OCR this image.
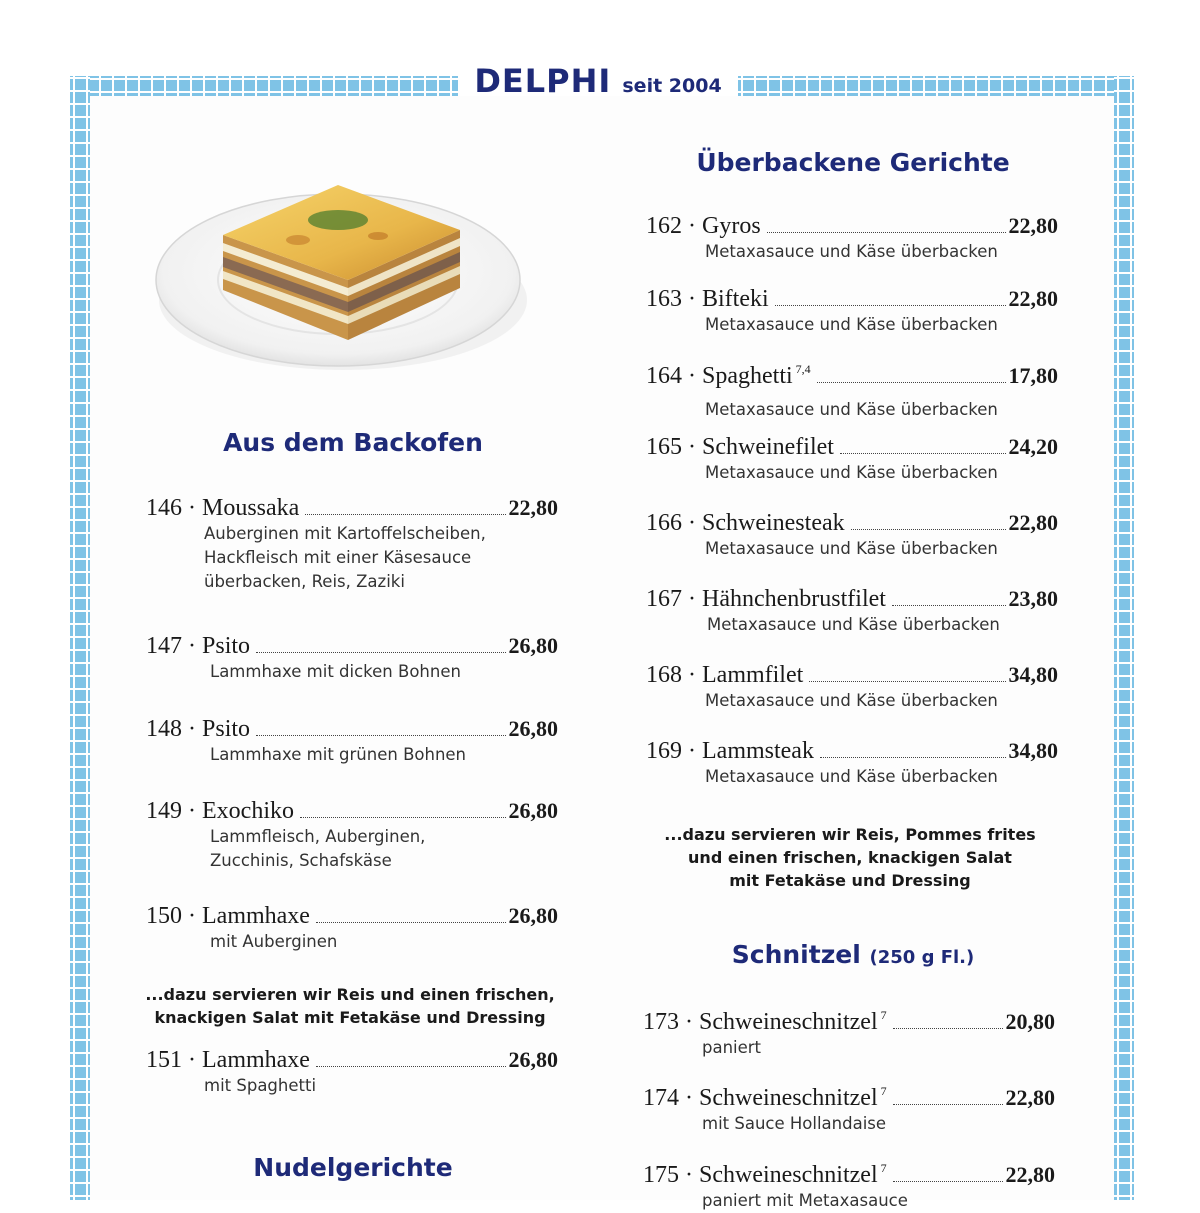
DELPHI seit 2004
Aus dem Backofen
146 · Moussaka	22,80
Auberginen mit Kartoffelscheiben,
Hackfleisch mit einer Käsesauce
überbacken, Reis, Zaziki
147 · Psito	26,80
Lammhaxe mit dicken Bohnen
148 · Psito	26,80
Lammhaxe mit grünen Bohnen
149 · Exochiko	26,80
Lammfleisch, Auberginen,
Zucchinis, Schafskäse
150 · Lammhaxe	26,80
mit Auberginen
...dazu servieren wir Reis und einen frischen,
knackigen Salat mit Fetakäse und Dressing
151 · Lammhaxe	26,80
mit Spaghetti
Nudelgerichte
Überbackene Gerichte
162 · Gyros	22,80
Metaxasauce und Käse überbacken
163 · Bifteki	22,80
Metaxasauce und Käse überbacken
164 · Spaghetti $^{7,4}$	17,80
Metaxasauce und Käse überbacken
165 · Schweinefilet	24,20
Metaxasauce und Käse überbacken
166 · Schweinesteak	22,80
Metaxasauce und Käse überbacken
167 · Hähnchenbrustfilet	23,80
Metaxasauce und Käse überbacken
168 · Lammfilet	34,80
Metaxasauce und Käse überbacken
169 · Lammsteak	34,80
Metaxasauce und Käse überbacken
...dazu servieren wir Reis, Pommes frites
und einen frischen, knackigen Salat
mit Fetakäse und Dressing
Schnitzel (250 g Fl.)
173 · Schweineschnitzel $^7$	20,80
paniert
174 · Schweineschnitzel $^7$	22,80
mit Sauce Hollandaise
175 · Schweineschnitzel $^7$	22,80
paniert mit Metaxasauce
